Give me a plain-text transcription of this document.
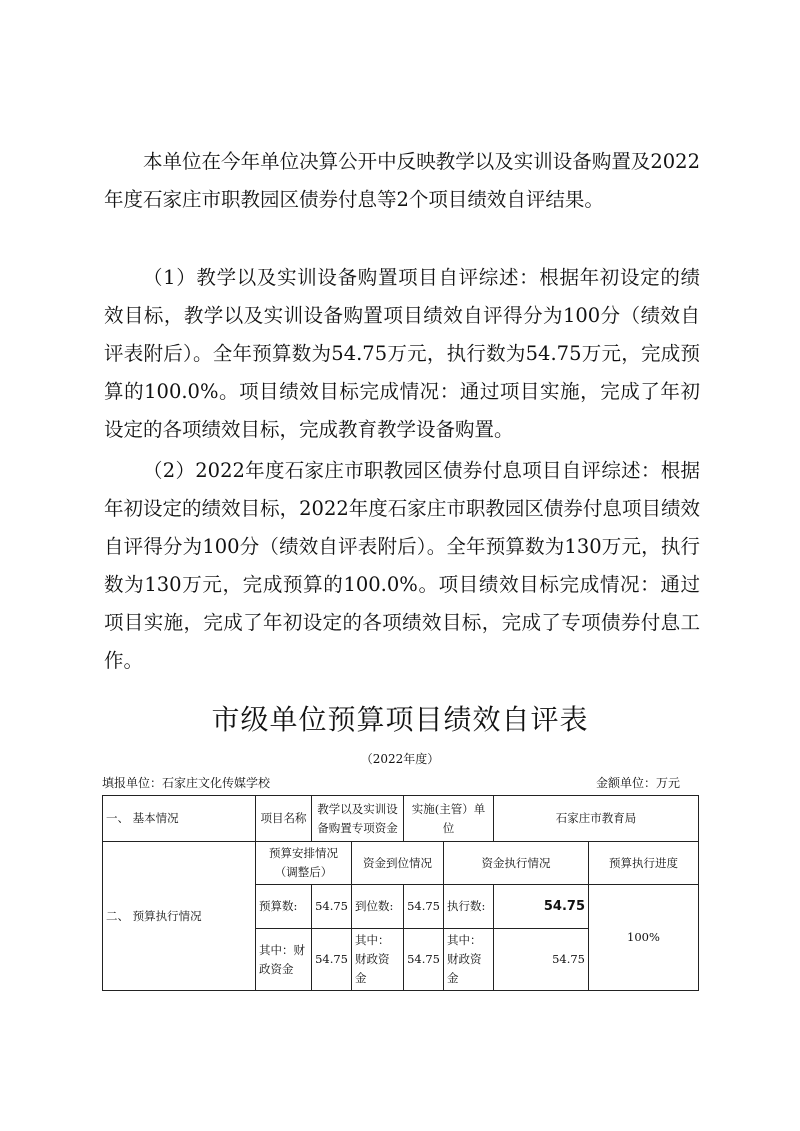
本单位在今年单位决算公开中反映教学以及实训设备购置及2022年度石家庄市职教园区债券付息等2个项目绩效自评结果。

（1）教学以及实训设备购置项目自评综述：根据年初设定的绩效目标，教学以及实训设备购置项目绩效自评得分为100分（绩效自评表附后）。全年预算数为54.75万元，执行数为54.75万元，完成预算的100.0%。项目绩效目标完成情况：通过项目实施，完成了年初设定的各项绩效目标，完成教育教学设备购置。

（2）2022年度石家庄市职教园区债券付息项目自评综述：根据年初设定的绩效目标，2022年度石家庄市职教园区债券付息项目绩效自评得分为100分（绩效自评表附后）。全年预算数为130万元，执行数为130万元，完成预算的100.0%。项目绩效目标完成情况：通过项目实施，完成了年初设定的各项绩效目标，完成了专项债券付息工作。

市级单位预算项目绩效自评表
（2022年度）
填报单位：石家庄文化传媒学校	金额单位：万元
一、 基本情况	项目名称	教学以及实训设备购置专项资金		实施(主管）单位		石家庄市教育局	
二、 预算执行情况	预算安排情况（调整后）		资金到位情况		资金执行情况		预算执行进度
	预算数:	54.75	到位数:	54.75	执行数:	54.75	100%
	其中：财政资金	54.75	其中：财政资金	54.75	其中：财政资金	54.75	
